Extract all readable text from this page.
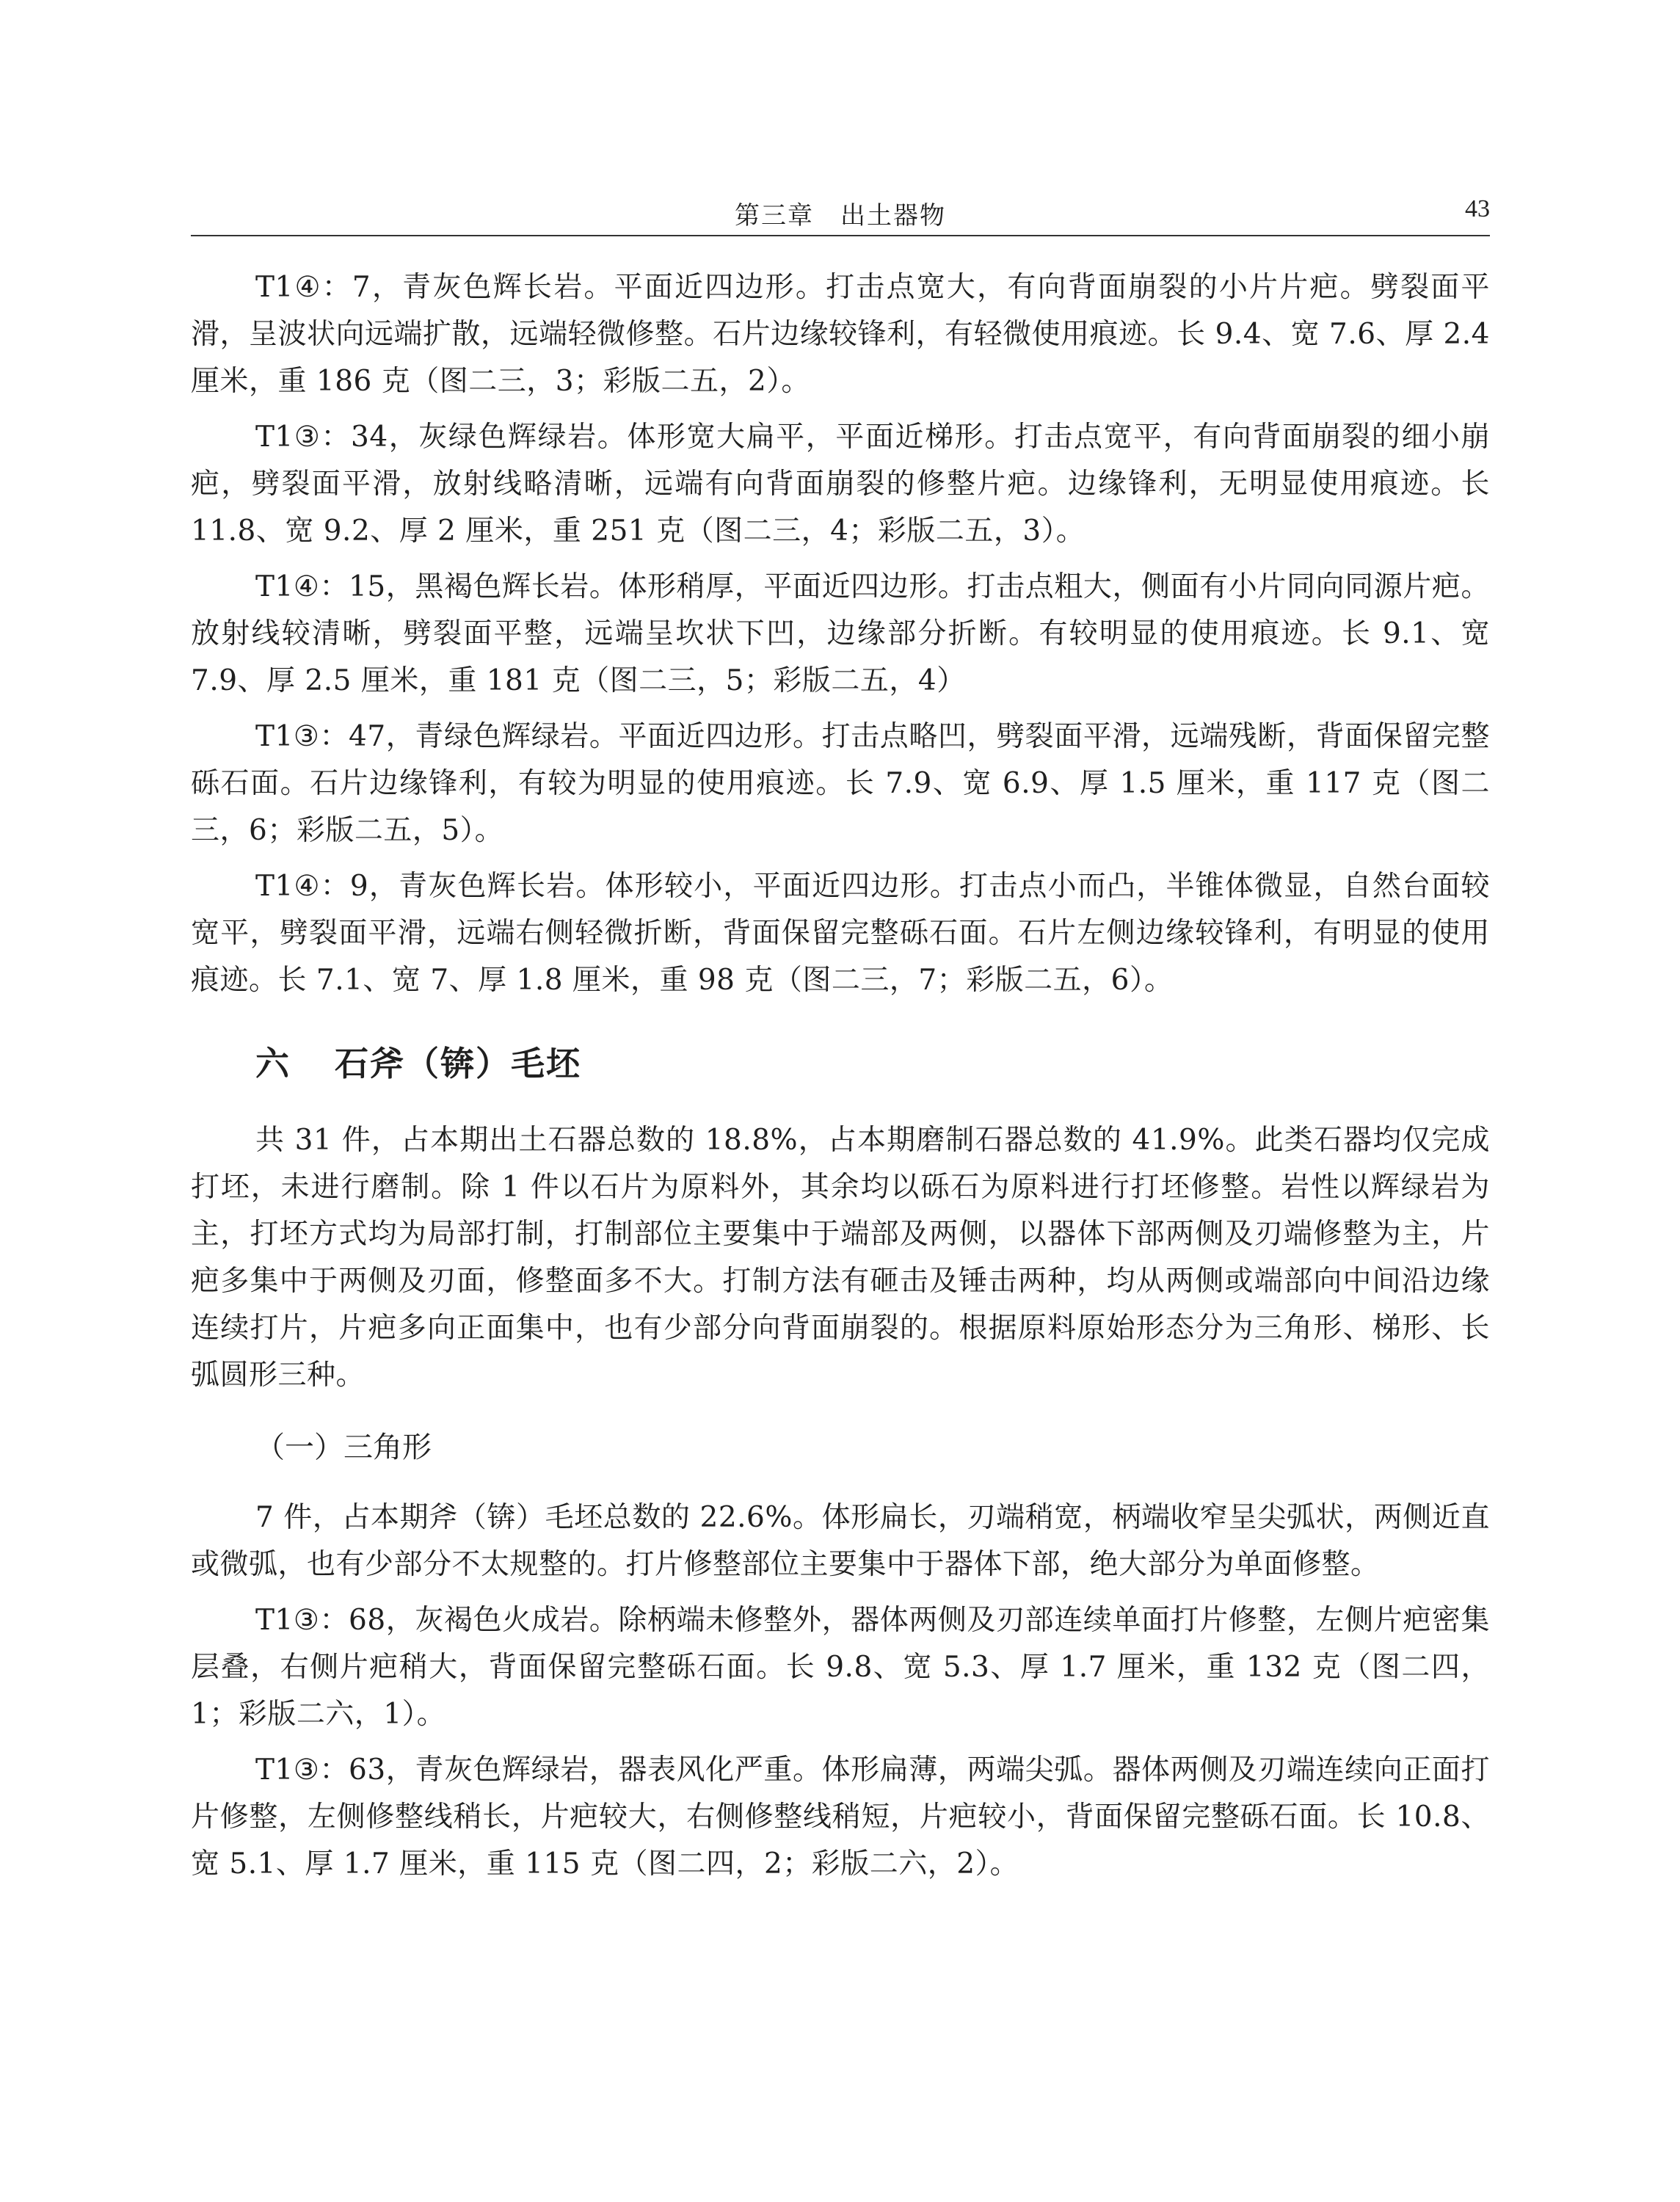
第三章　出土器物	43

T1④：7，青灰色辉长岩。平面近四边形。打击点宽大，有向背面崩裂的小片片疤。劈裂面平滑，呈波状向远端扩散，远端轻微修整。石片边缘较锋利，有轻微使用痕迹。长 9.4、宽 7.6、厚 2.4 厘米，重 186 克（图二三，3；彩版二五，2）。

T1③：34，灰绿色辉绿岩。体形宽大扁平，平面近梯形。打击点宽平，有向背面崩裂的细小崩疤，劈裂面平滑，放射线略清晰，远端有向背面崩裂的修整片疤。边缘锋利，无明显使用痕迹。长 11.8、宽 9.2、厚 2 厘米，重 251 克（图二三，4；彩版二五，3）。

T1④：15，黑褐色辉长岩。体形稍厚，平面近四边形。打击点粗大，侧面有小片同向同源片疤。放射线较清晰，劈裂面平整，远端呈坎状下凹，边缘部分折断。有较明显的使用痕迹。长 9.1、宽 7.9、厚 2.5 厘米，重 181 克（图二三，5；彩版二五，4）

T1③：47，青绿色辉绿岩。平面近四边形。打击点略凹，劈裂面平滑，远端残断，背面保留完整砾石面。石片边缘锋利，有较为明显的使用痕迹。长 7.9、宽 6.9、厚 1.5 厘米，重 117 克（图二三，6；彩版二五，5）。

T1④：9，青灰色辉长岩。体形较小，平面近四边形。打击点小而凸，半锥体微显，自然台面较宽平，劈裂面平滑，远端右侧轻微折断，背面保留完整砾石面。石片左侧边缘较锋利，有明显的使用痕迹。长 7.1、宽 7、厚 1.8 厘米，重 98 克（图二三，7；彩版二五，6）。

六 石斧（锛）毛坯

共 31 件，占本期出土石器总数的 18.8%，占本期磨制石器总数的 41.9%。此类石器均仅完成打坯，未进行磨制。除 1 件以石片为原料外，其余均以砾石为原料进行打坯修整。岩性以辉绿岩为主，打坯方式均为局部打制，打制部位主要集中于端部及两侧，以器体下部两侧及刃端修整为主，片疤多集中于两侧及刃面，修整面多不大。打制方法有砸击及锤击两种，均从两侧或端部向中间沿边缘连续打片，片疤多向正面集中，也有少部分向背面崩裂的。根据原料原始形态分为三角形、梯形、长弧圆形三种。

（一）三角形

7 件，占本期斧（锛）毛坯总数的 22.6%。体形扁长，刃端稍宽，柄端收窄呈尖弧状，两侧近直或微弧，也有少部分不太规整的。打片修整部位主要集中于器体下部，绝大部分为单面修整。

T1③：68，灰褐色火成岩。除柄端未修整外，器体两侧及刃部连续单面打片修整，左侧片疤密集层叠，右侧片疤稍大，背面保留完整砾石面。长 9.8、宽 5.3、厚 1.7 厘米，重 132 克（图二四，1；彩版二六，1）。

T1③：63，青灰色辉绿岩，器表风化严重。体形扁薄，两端尖弧。器体两侧及刃端连续向正面打片修整，左侧修整线稍长，片疤较大，右侧修整线稍短，片疤较小，背面保留完整砾石面。长 10.8、宽 5.1、厚 1.7 厘米，重 115 克（图二四，2；彩版二六，2）。
